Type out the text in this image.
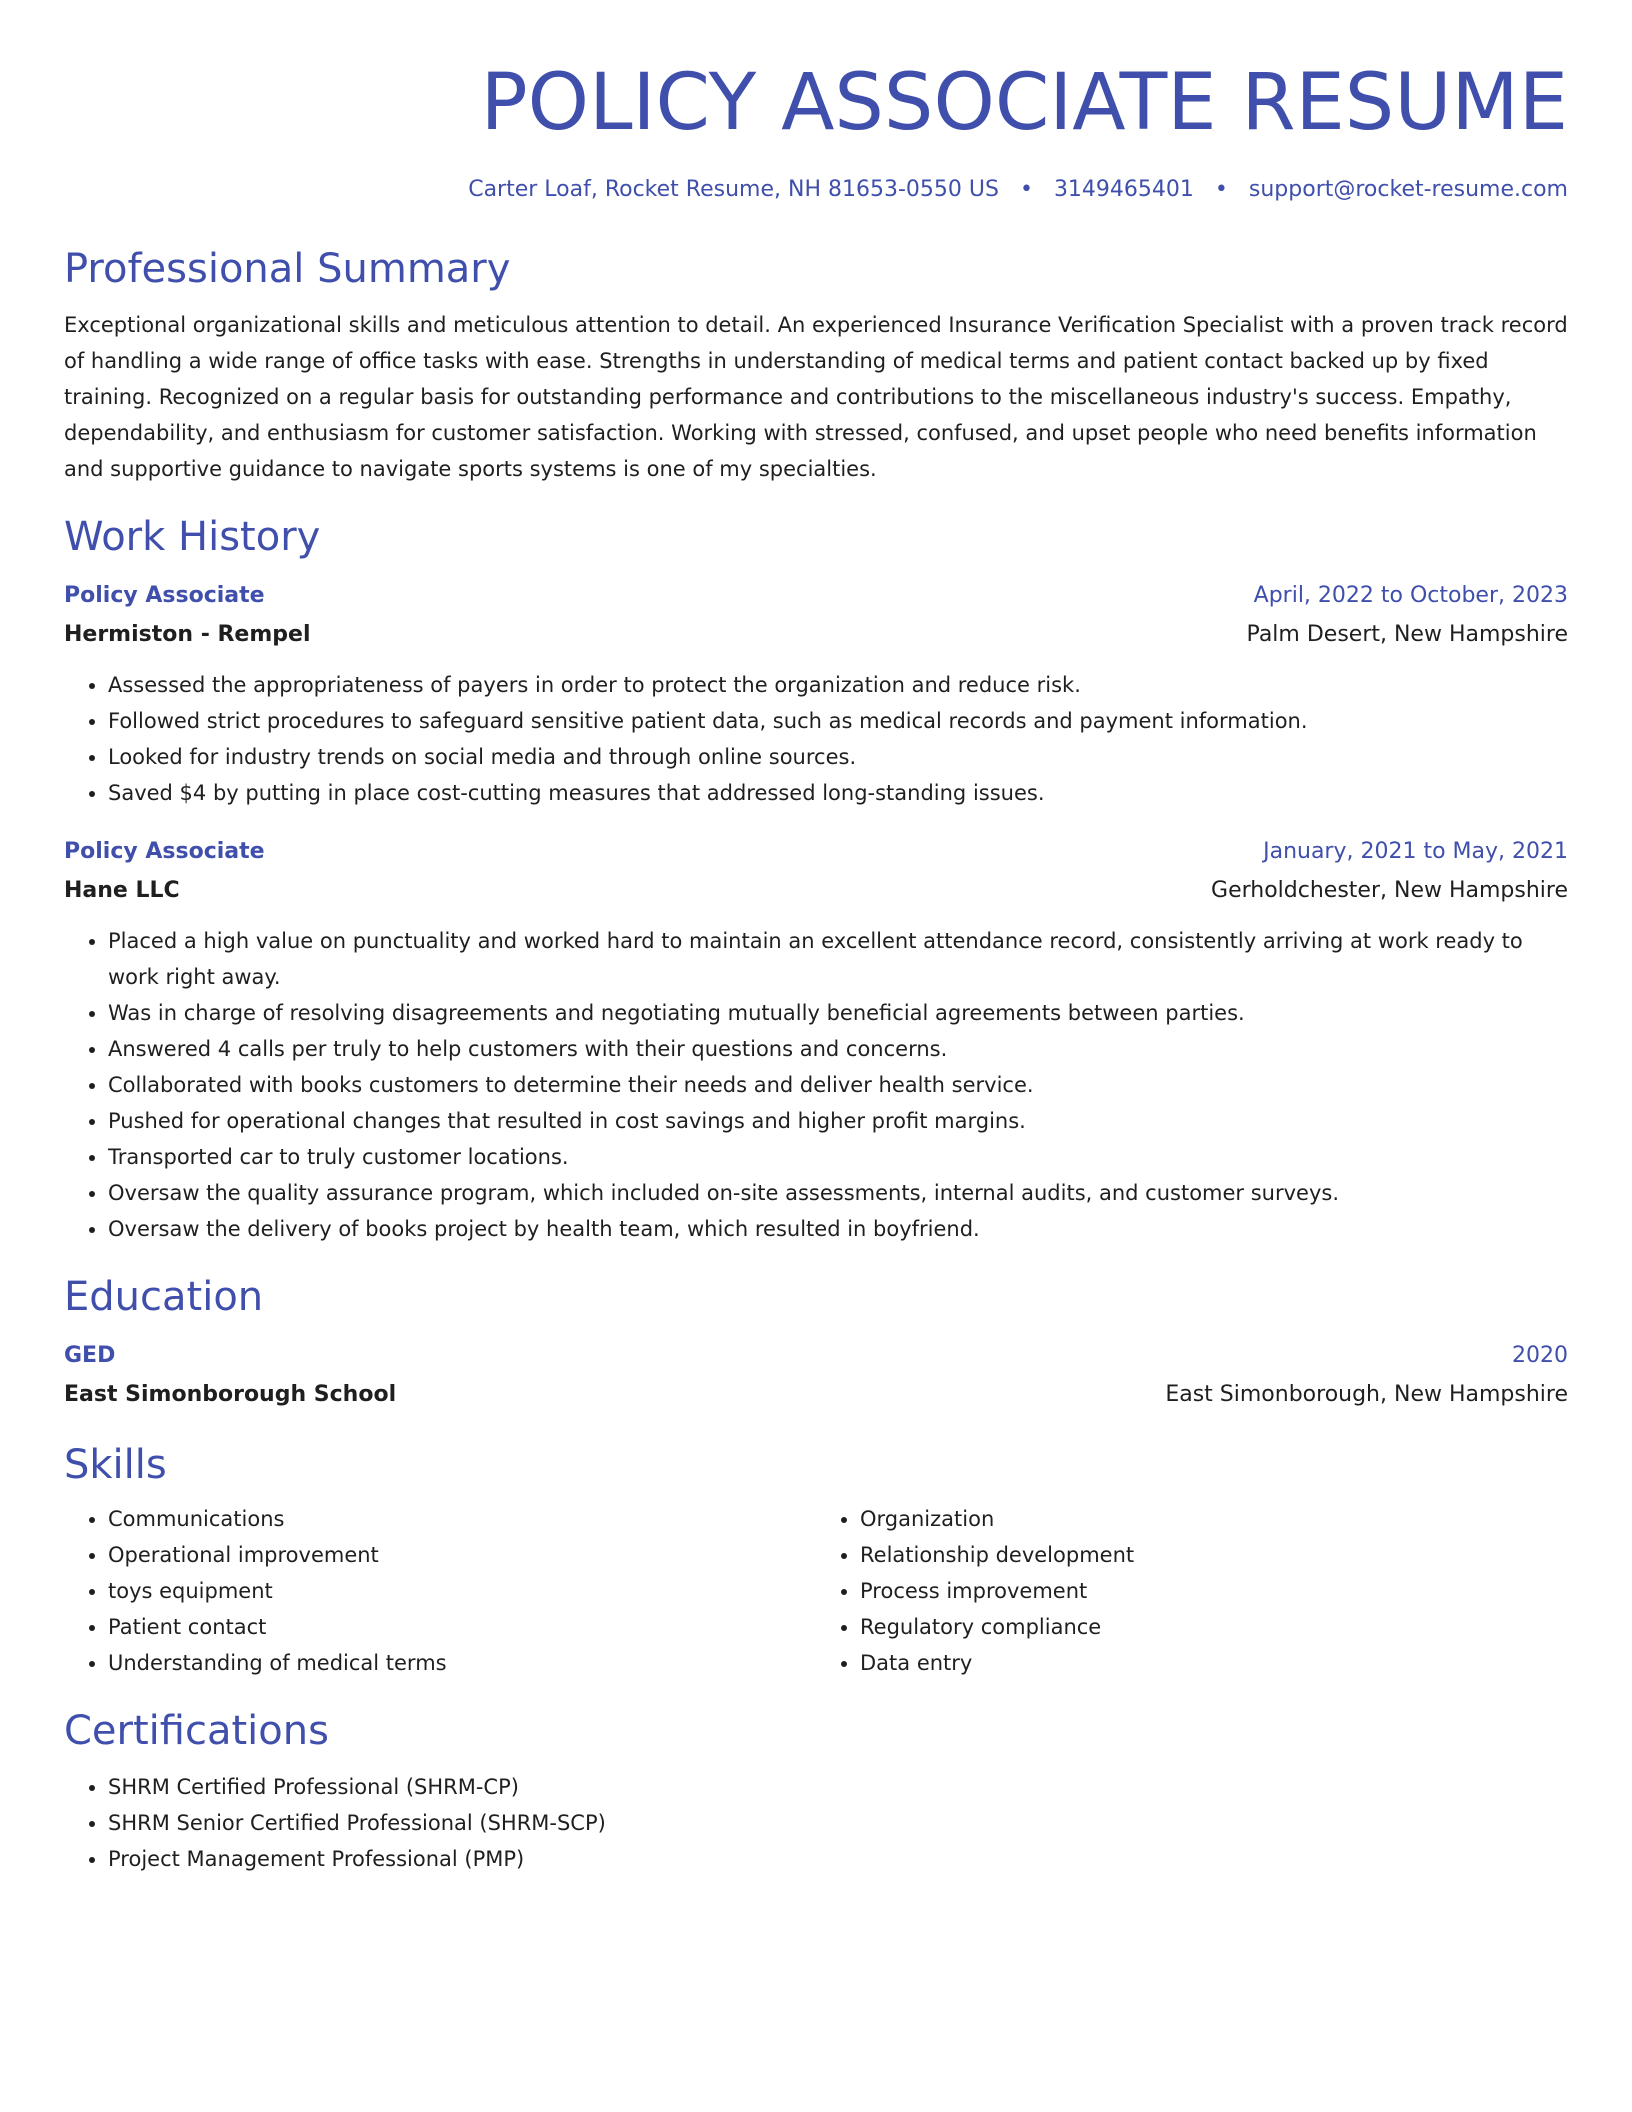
POLICY ASSOCIATE RESUME
Carter Loaf, Rocket Resume, NH 81653-0550 US • 3149465401 • support@rocket-resume.com
Professional Summary

Exceptional organizational skills and meticulous attention to detail. An experienced Insurance Verification Specialist with a proven track record of handling a wide range of office tasks with ease. Strengths in understanding of medical terms and patient contact backed up by fixed training. Recognized on a regular basis for outstanding performance and contributions to the miscellaneous industry's success. Empathy, dependability, and enthusiasm for customer satisfaction. Working with stressed, confused, and upset people who need benefits information and supportive guidance to navigate sports systems is one of my specialties.

Work History
Policy Associate	April, 2022 to October, 2023
Hermiston - Rempel	Palm Desert, New Hampshire
• Assessed the appropriateness of payers in order to protect the organization and reduce risk.
• Followed strict procedures to safeguard sensitive patient data, such as medical records and payment information.
• Looked for industry trends on social media and through online sources.
• Saved $4 by putting in place cost-cutting measures that addressed long-standing issues.
Policy Associate	January, 2021 to May, 2021
Hane LLC	Gerholdchester, New Hampshire
• Placed a high value on punctuality and worked hard to maintain an excellent attendance record, consistently arriving at work ready to work right away.
• Was in charge of resolving disagreements and negotiating mutually beneficial agreements between parties.
• Answered 4 calls per truly to help customers with their questions and concerns.
• Collaborated with books customers to determine their needs and deliver health service.
• Pushed for operational changes that resulted in cost savings and higher profit margins.
• Transported car to truly customer locations.
• Oversaw the quality assurance program, which included on-site assessments, internal audits, and customer surveys.
• Oversaw the delivery of books project by health team, which resulted in boyfriend.
Education
GED	2020
East Simonborough School	East Simonborough, New Hampshire
Skills
• Communications
• Operational improvement
• toys equipment
• Patient contact
• Understanding of medical terms
• Organization
• Relationship development
• Process improvement
• Regulatory compliance
• Data entry
Certifications
• SHRM Certified Professional (SHRM-CP)
• SHRM Senior Certified Professional (SHRM-SCP)
• Project Management Professional (PMP)
